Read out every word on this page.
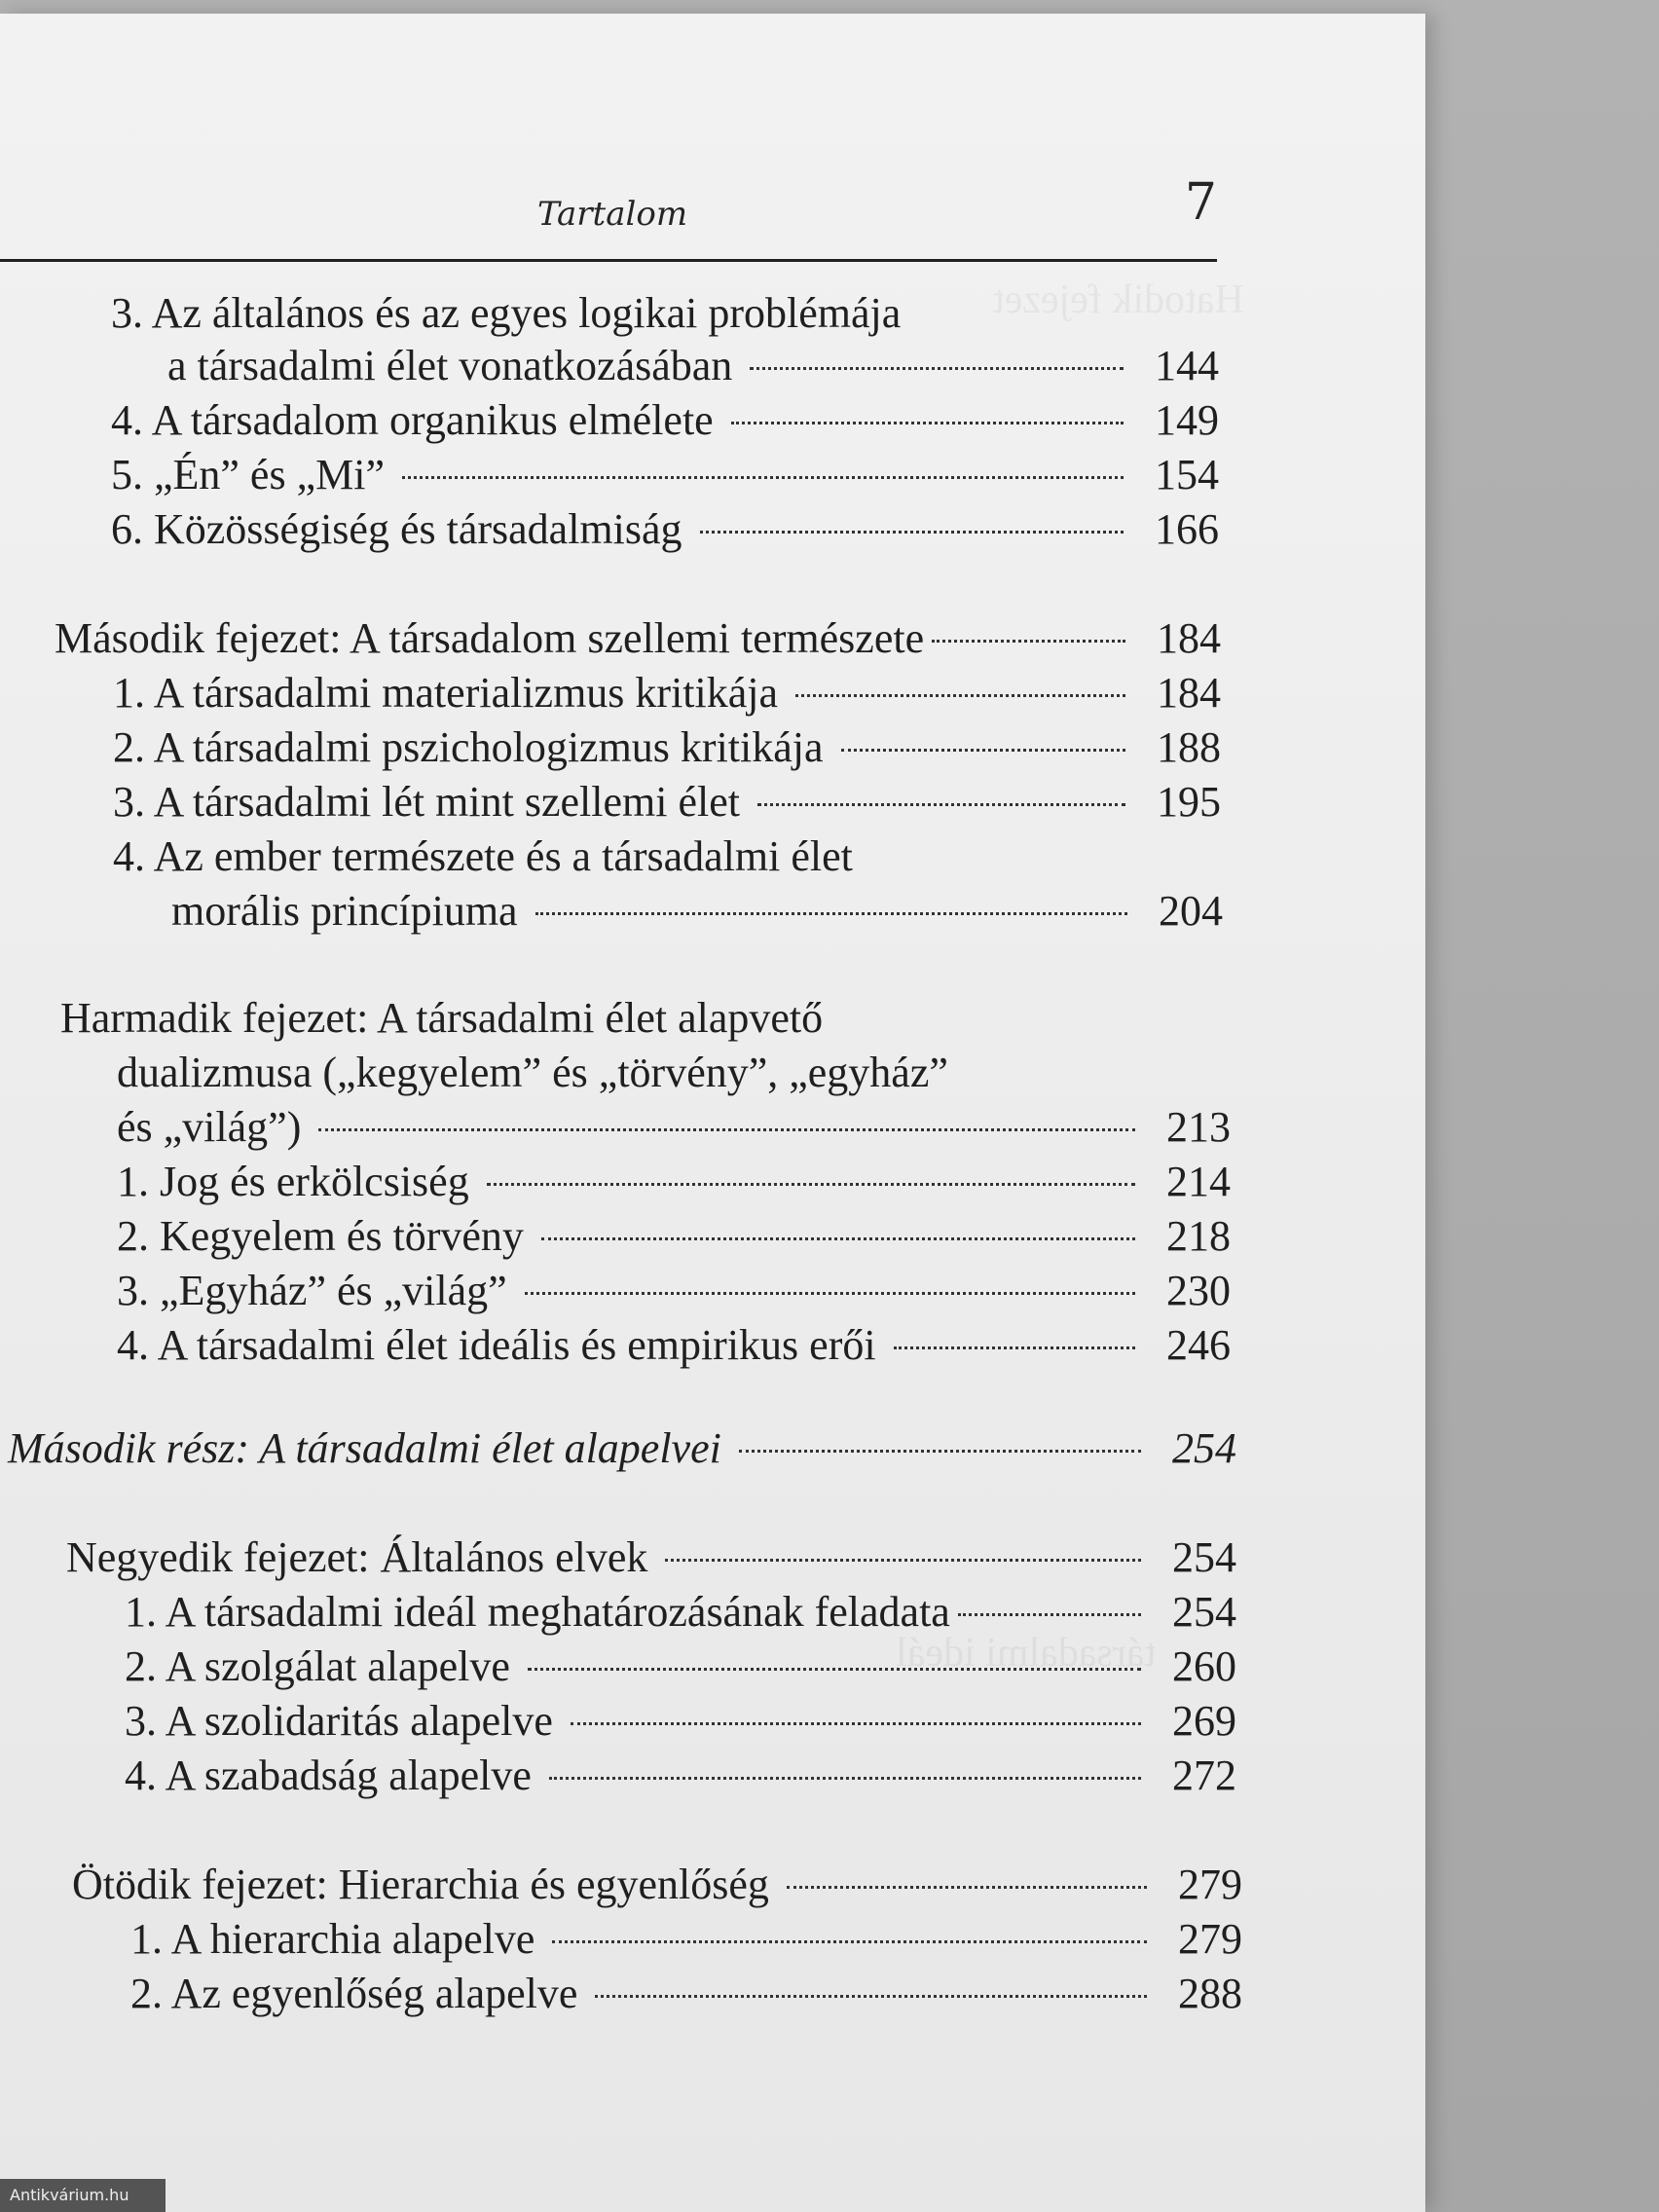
Hatodik fejezet
társadalmi ideál
Tartalom	7
3. Az általános és az egyes logikai problémája
a társadalmi élet vonatkozásában	144
4. A társadalom organikus elmélete	149
5. „Én” és „Mi”	154
6. Közösségiség és társadalmiság	166
Második fejezet: A társadalom szellemi természete	184
1. A társadalmi materializmus kritikája	184
2. A társadalmi pszichologizmus kritikája	188
3. A társadalmi lét mint szellemi élet	195
4. Az ember természete és a társadalmi élet
morális princípiuma	204
Harmadik fejezet: A társadalmi élet alapvető
dualizmusa („kegyelem” és „törvény”, „egyház”
és „világ”)	213
1. Jog és erkölcsiség	214
2. Kegyelem és törvény	218
3. „Egyház” és „világ”	230
4. A társadalmi élet ideális és empirikus erői	246
Második rész: A társadalmi élet alapelvei	254
Negyedik fejezet: Általános elvek	254
1. A társadalmi ideál meghatározásának feladata	254
2. A szolgálat alapelve	260
3. A szolidaritás alapelve	269
4. A szabadság alapelve	272
Ötödik fejezet: Hierarchia és egyenlőség	279
1. A hierarchia alapelve	279
2. Az egyenlőség alapelve	288
Antikvárium.hu
